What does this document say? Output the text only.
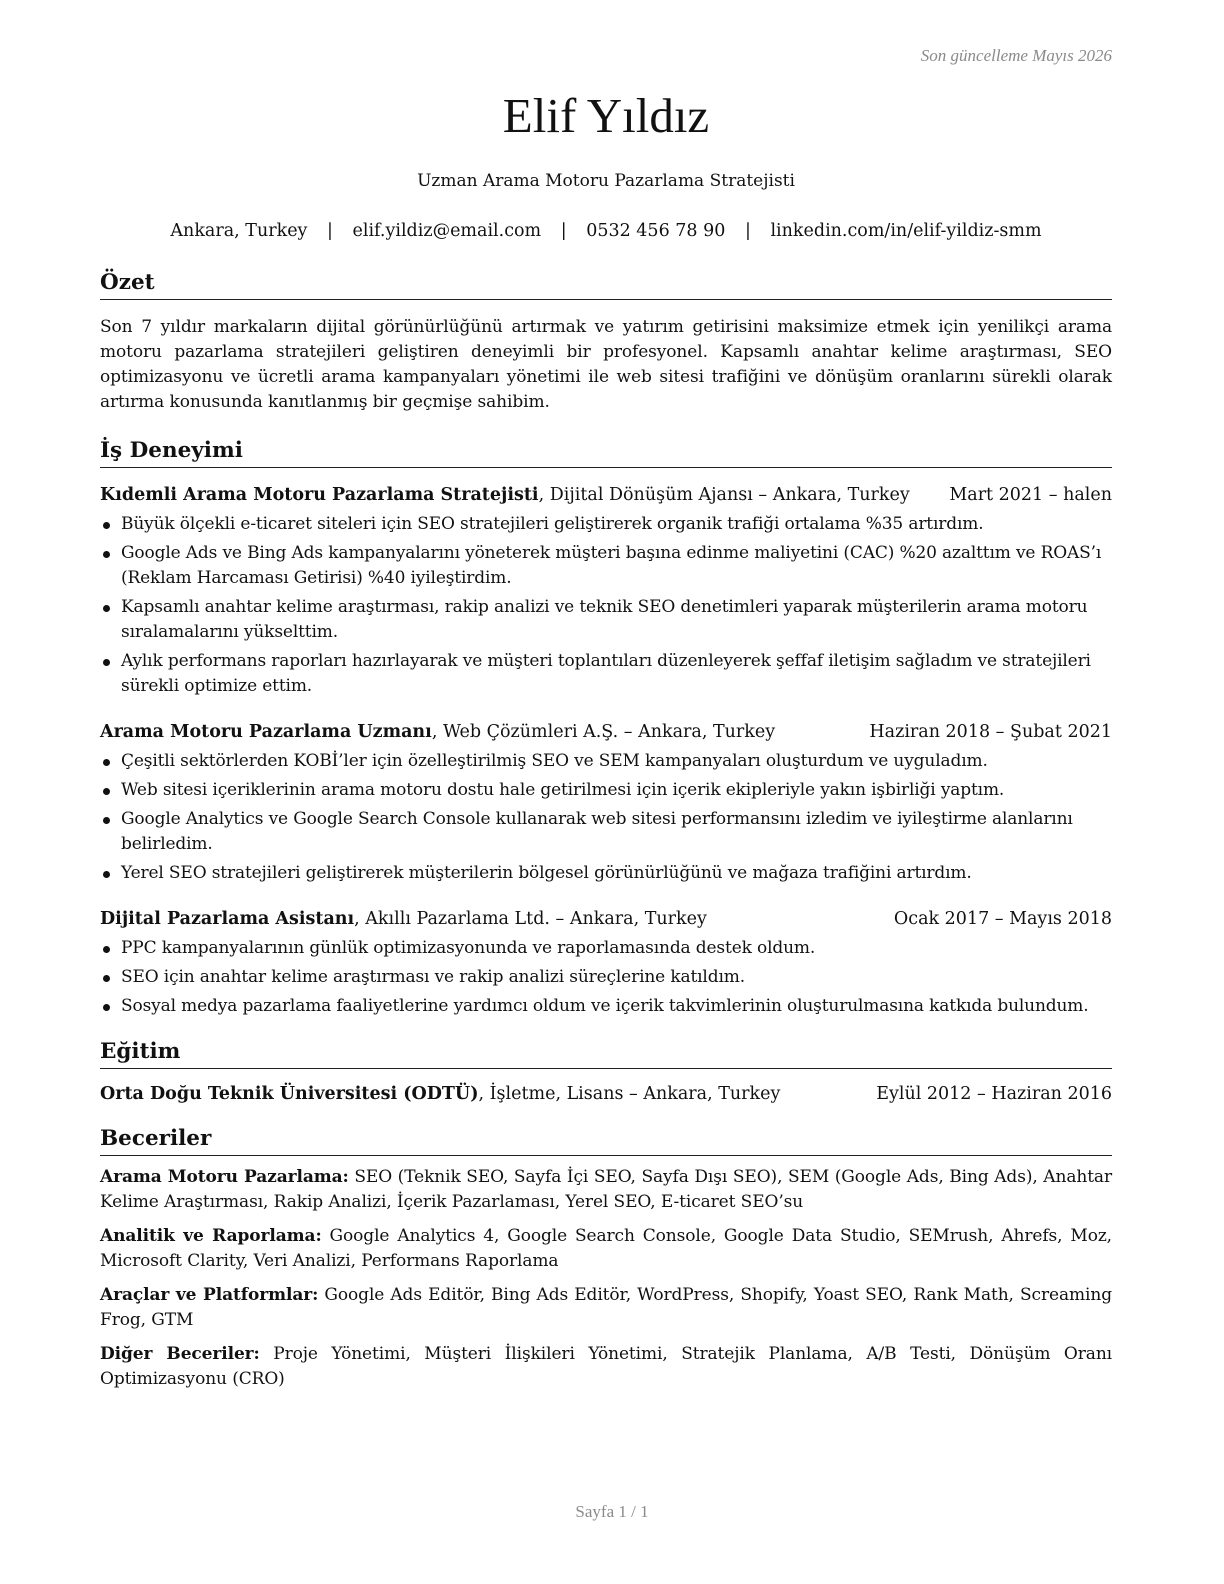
Son güncelleme Mayıs 2026
Elif Yıldız
Uzman Arama Motoru Pazarlama Stratejisti
Ankara, Turkey | elif.yildiz@email.com | 0532 456 78 90 | linkedin.com/in/elif-yildiz-smm
Özet
Son 7 yıldır markaların dijital görünürlüğünü artırmak ve yatırım getirisini maksimize etmek için yenilikçi arama motoru pazarlama stratejileri geliştiren deneyimli bir profesyonel. Kapsamlı anahtar kelime araştırması, SEO optimizasyonu ve ücretli arama kampanyaları yönetimi ile web sitesi trafiğini ve dönüşüm oranlarını sürekli olarak artırma konusunda kanıtlanmış bir geçmişe sahibim.
İş Deneyimi
Kıdemli Arama Motoru Pazarlama Stratejisti, Dijital Dönüşüm Ajansı – Ankara, Turkey Mart 2021 – halen
Büyük ölçekli e-ticaret siteleri için SEO stratejileri geliştirerek organik trafiği ortalama %35 artırdım.
Google Ads ve Bing Ads kampanyalarını yöneterek müşteri başına edinme maliyetini (CAC) %20 azalttım ve ROAS’ı (Reklam Harcaması Getirisi) %40 iyileştirdim.
Kapsamlı anahtar kelime araştırması, rakip analizi ve teknik SEO denetimleri yaparak müşterilerin arama motoru sıralamalarını yükselttim.
Aylık performans raporları hazırlayarak ve müşteri toplantıları düzenleyerek şeffaf iletişim sağladım ve stratejileri sürekli optimize ettim.
Arama Motoru Pazarlama Uzmanı, Web Çözümleri A.Ş. – Ankara, Turkey	Haziran 2018 – Şubat 2021
Çeşitli sektörlerden KOBİ’ler için özelleştirilmiş SEO ve SEM kampanyaları oluşturdum ve uyguladım.
Web sitesi içeriklerinin arama motoru dostu hale getirilmesi için içerik ekipleriyle yakın işbirliği yaptım.
Google Analytics ve Google Search Console kullanarak web sitesi performansını izledim ve iyileştirme alanlarını belirledim.
Yerel SEO stratejileri geliştirerek müşterilerin bölgesel görünürlüğünü ve mağaza trafiğini artırdım.
Dijital Pazarlama Asistanı, Akıllı Pazarlama Ltd. – Ankara, Turkey	Ocak 2017 – Mayıs 2018
PPC kampanyalarının günlük optimizasyonunda ve raporlamasında destek oldum.
SEO için anahtar kelime araştırması ve rakip analizi süreçlerine katıldım.
Sosyal medya pazarlama faaliyetlerine yardımcı oldum ve içerik takvimlerinin oluşturulmasına katkıda bulundum.
Eğitim
Orta Doğu Teknik Üniversitesi (ODTÜ), İşletme, Lisans – Ankara, Turkey	Eylül 2012 – Haziran 2016
Beceriler
Arama Motoru Pazarlama: SEO (Teknik SEO, Sayfa İçi SEO, Sayfa Dışı SEO), SEM (Google Ads, Bing Ads), Anahtar Kelime Araştırması, Rakip Analizi, İçerik Pazarlaması, Yerel SEO, E-ticaret SEO’su
Analitik ve Raporlama: Google Analytics 4, Google Search Console, Google Data Studio, SEMrush, Ahrefs, Moz, Microsoft Clarity, Veri Analizi, Performans Raporlama
Araçlar ve Platformlar: Google Ads Editör, Bing Ads Editör, WordPress, Shopify, Yoast SEO, Rank Math, Screaming Frog, GTM
Diğer Beceriler: Proje Yönetimi, Müşteri İlişkileri Yönetimi, Stratejik Planlama, A/B Testi, Dönüşüm Oranı Optimizasyonu (CRO)
Sayfa 1 / 1
